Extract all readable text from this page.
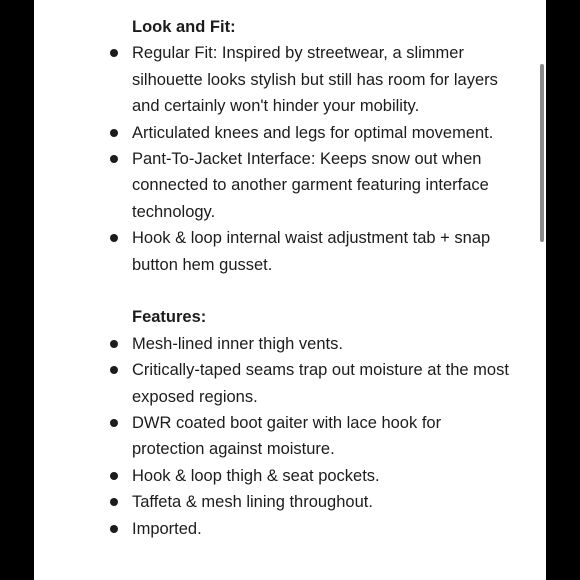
Look and Fit:

Regular Fit: Inspired by streetwear, a slimmer silhouette looks stylish but still has room for layers and certainly won't hinder your mobility.
Articulated knees and legs for optimal movement.
Pant-To-Jacket Interface: Keeps snow out when connected to another garment featuring interface technology.
Hook & loop internal waist adjustment tab + snap button hem gusset.

Features:

Mesh-lined inner thigh vents.
Critically-taped seams trap out moisture at the most exposed regions.
DWR coated boot gaiter with lace hook for protection against moisture.
Hook & loop thigh & seat pockets.
Taffeta & mesh lining throughout.
Imported.
